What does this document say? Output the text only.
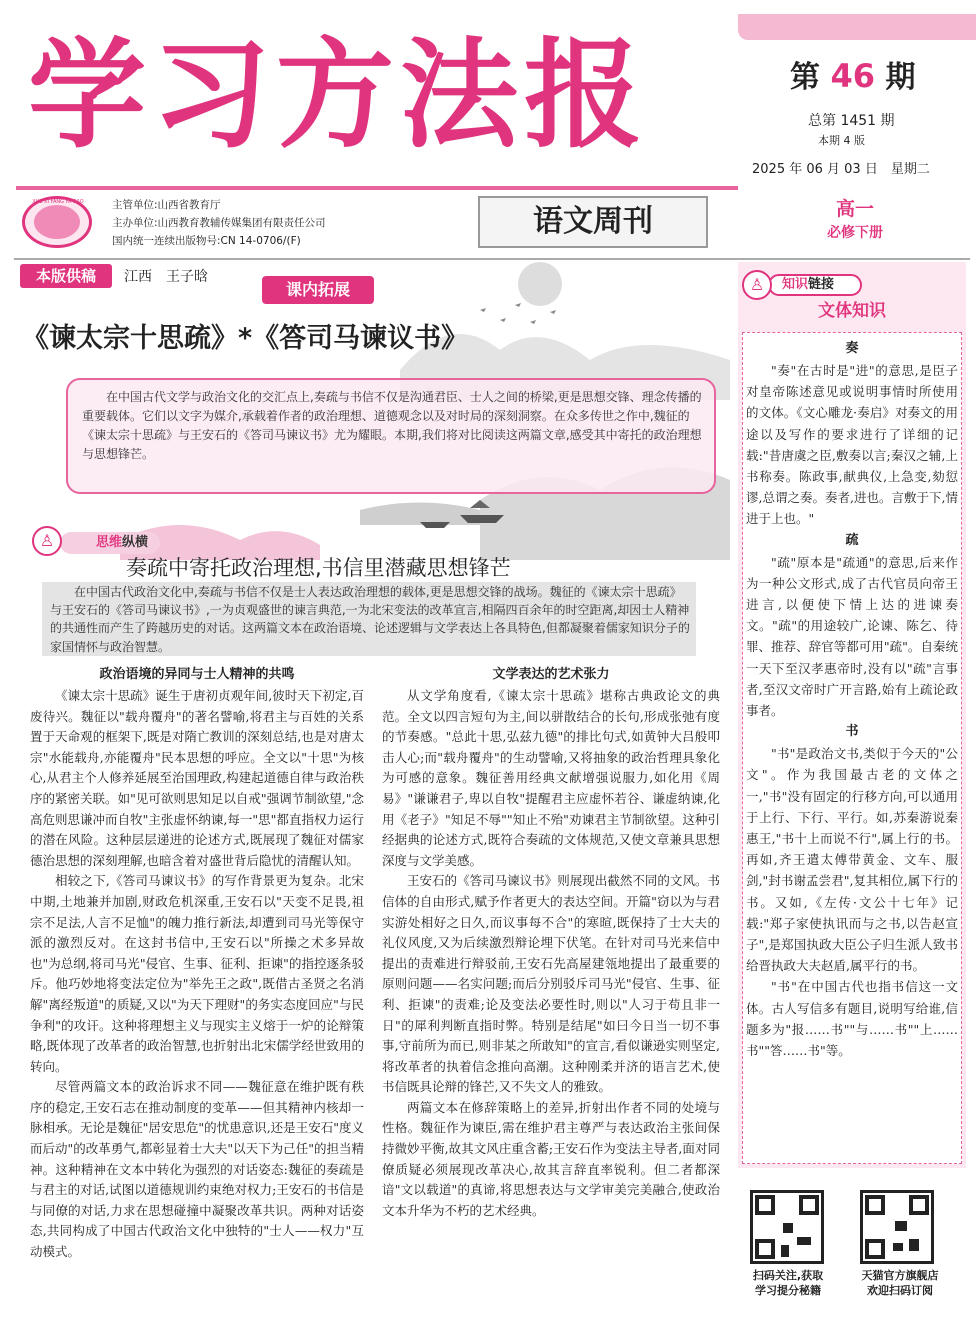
学习方法报	第 46 期
总第 1451 期
本期 4 版
2025 年 06 月 03 日　星期二
XUE XI FANG FA BAO	主管单位:山西省教育厅
主办单位:山西教育教辅传媒集团有限责任公司
国内统一连续出版物号:CN 14-0706/(F)
语文周刊	高一
必修下册
本版供稿	江西　王子晗
课内拓展
《谏太宗十思疏》*《答司马谏议书》
在中国古代文学与政治文化的交汇点上,奏疏与书信不仅是沟通君臣、士人之间的桥梁,更是思想交锋、理念传播的重要载体。它们以文字为媒介,承载着作者的政治理想、道德观念以及对时局的深刻洞察。在众多传世之作中,魏征的《谏太宗十思疏》与王安石的《答司马谏议书》尤为耀眼。本期,我们将对比阅读这两篇文章,感受其中寄托的政治理想与思想锋芒。
思维纵横
♙
奏疏中寄托政治理想,书信里潜藏思想锋芒
在中国古代政治文化中,奏疏与书信不仅是士人表达政治理想的载体,更是思想交锋的战场。魏征的《谏太宗十思疏》与王安石的《答司马谏议书》,一为贞观盛世的谏言典范,一为北宋变法的改革宣言,相隔四百余年的时空距离,却因士人精神的共通性而产生了跨越历史的对话。这两篇文本在政治语境、论述逻辑与文学表达上各具特色,但都凝聚着儒家知识分子的家国情怀与政治智慧。
政治语境的异同与士人精神的共鸣

《谏太宗十思疏》诞生于唐初贞观年间,彼时天下初定,百废待兴。魏征以"载舟覆舟"的著名譬喻,将君主与百姓的关系置于天命观的框架下,既是对隋亡教训的深刻总结,也是对唐太宗"水能载舟,亦能覆舟"民本思想的呼应。全文以"十思"为核心,从君主个人修养延展至治国理政,构建起道德自律与政治秩序的紧密关联。如"见可欲则思知足以自戒"强调节制欲望,"念高危则思谦冲而自牧"主张虚怀纳谏,每一"思"都直指权力运行的潜在风险。这种层层递进的论述方式,既展现了魏征对儒家德治思想的深刻理解,也暗含着对盛世背后隐忧的清醒认知。

相较之下,《答司马谏议书》的写作背景更为复杂。北宋中期,土地兼并加剧,财政危机深重,王安石以"天变不足畏,祖宗不足法,人言不足恤"的魄力推行新法,却遭到司马光等保守派的激烈反对。在这封书信中,王安石以"所操之术多异故也"为总纲,将司马光"侵官、生事、征利、拒谏"的指控逐条驳斥。他巧妙地将变法定位为"举先王之政",既借古圣贤之名消解"离经叛道"的质疑,又以"为天下理财"的务实态度回应"与民争利"的攻讦。这种将理想主义与现实主义熔于一炉的论辩策略,既体现了改革者的政治智慧,也折射出北宋儒学经世致用的转向。

尽管两篇文本的政治诉求不同——魏征意在维护既有秩序的稳定,王安石志在推动制度的变革——但其精神内核却一脉相承。无论是魏征"居安思危"的忧患意识,还是王安石"度义而后动"的改革勇气,都彰显着士大夫"以天下为己任"的担当精神。这种精神在文本中转化为强烈的对话姿态:魏征的奏疏是与君主的对话,试图以道德规训约束绝对权力;王安石的书信是与同僚的对话,力求在思想碰撞中凝聚改革共识。两种对话姿态,共同构成了中国古代政治文化中独特的"士人——权力"互动模式。

文学表达的艺术张力

从文学角度看,《谏太宗十思疏》堪称古典政论文的典范。全文以四言短句为主,间以骈散结合的长句,形成张弛有度的节奏感。"总此十思,弘兹九德"的排比句式,如黄钟大吕般叩击人心;而"载舟覆舟"的生动譬喻,又将抽象的政治哲理具象化为可感的意象。魏征善用经典文献增强说服力,如化用《周易》"谦谦君子,卑以自牧"提醒君主应虚怀若谷、谦虚纳谏,化用《老子》"知足不辱""知止不殆"劝谏君主节制欲望。这种引经据典的论述方式,既符合奏疏的文体规范,又使文章兼具思想深度与文学美感。

王安石的《答司马谏议书》则展现出截然不同的文风。书信体的自由形式,赋予作者更大的表达空间。开篇"窃以为与君实游处相好之日久,而议事每不合"的寒暄,既保持了士大夫的礼仪风度,又为后续激烈辩论埋下伏笔。在针对司马光来信中提出的责难进行辩驳前,王安石先高屋建瓴地提出了最重要的原则问题——名实问题;而后分别驳斥司马光"侵官、生事、征利、拒谏"的责难;论及变法必要性时,则以"人习于苟且非一日"的犀利判断直指时弊。特别是结尾"如曰今日当一切不事事,守前所为而已,则非某之所敢知"的宣言,看似谦逊实则坚定,将改革者的执着信念推向高潮。这种刚柔并济的语言艺术,使书信既具论辩的锋芒,又不失文人的雅致。

两篇文本在修辞策略上的差异,折射出作者不同的处境与性格。魏征作为谏臣,需在维护君主尊严与表达政治主张间保持微妙平衡,故其文风庄重含蓄;王安石作为变法主导者,面对同僚质疑必须展现改革决心,故其言辞直率锐利。但二者都深谙"文以载道"的真谛,将思想表达与文学审美完美融合,使政治文本升华为不朽的艺术经典。

知识链接
♙
文体知识
奏

"奏"在古时是"进"的意思,是臣子对皇帝陈述意见或说明事情时所使用的文体。《文心雕龙·奏启》对奏文的用途以及写作的要求进行了详细的记载:"昔唐虞之臣,敷奏以言;秦汉之辅,上书称奏。陈政事,献典仪,上急变,劾愆谬,总谓之奏。奏者,进也。言敷于下,情进于上也。"

疏

"疏"原本是"疏通"的意思,后来作为一种公文形式,成了古代官员向帝王进言,以便使下情上达的进谏奏文。"疏"的用途较广,论谏、陈乞、待罪、推荐、辞官等都可用"疏"。自秦统一天下至汉孝惠帝时,没有以"疏"言事者,至汉文帝时广开言路,始有上疏论政事者。

书

"书"是政治文书,类似于今天的"公文"。作为我国最古老的文体之一,"书"没有固定的行移方向,可以通用于上行、下行、平行。如,苏秦游说秦惠王,"书十上而说不行",属上行的书。再如,齐王遣太傅带黄金、文车、服剑,"封书谢孟尝君",复其相位,属下行的书。又如,《左传·文公十七年》记载:"郑子家使执讯而与之书,以告赵宣子",是郑国执政大臣公子归生派人致书给晋执政大夫赵盾,属平行的书。

"书"在中国古代也指书信这一文体。古人写信多有题目,说明写给谁,信题多为"报……书""与……书""上……书""答……书"等。

扫码关注,获取
学习提分秘籍
天猫官方旗舰店
欢迎扫码订阅
